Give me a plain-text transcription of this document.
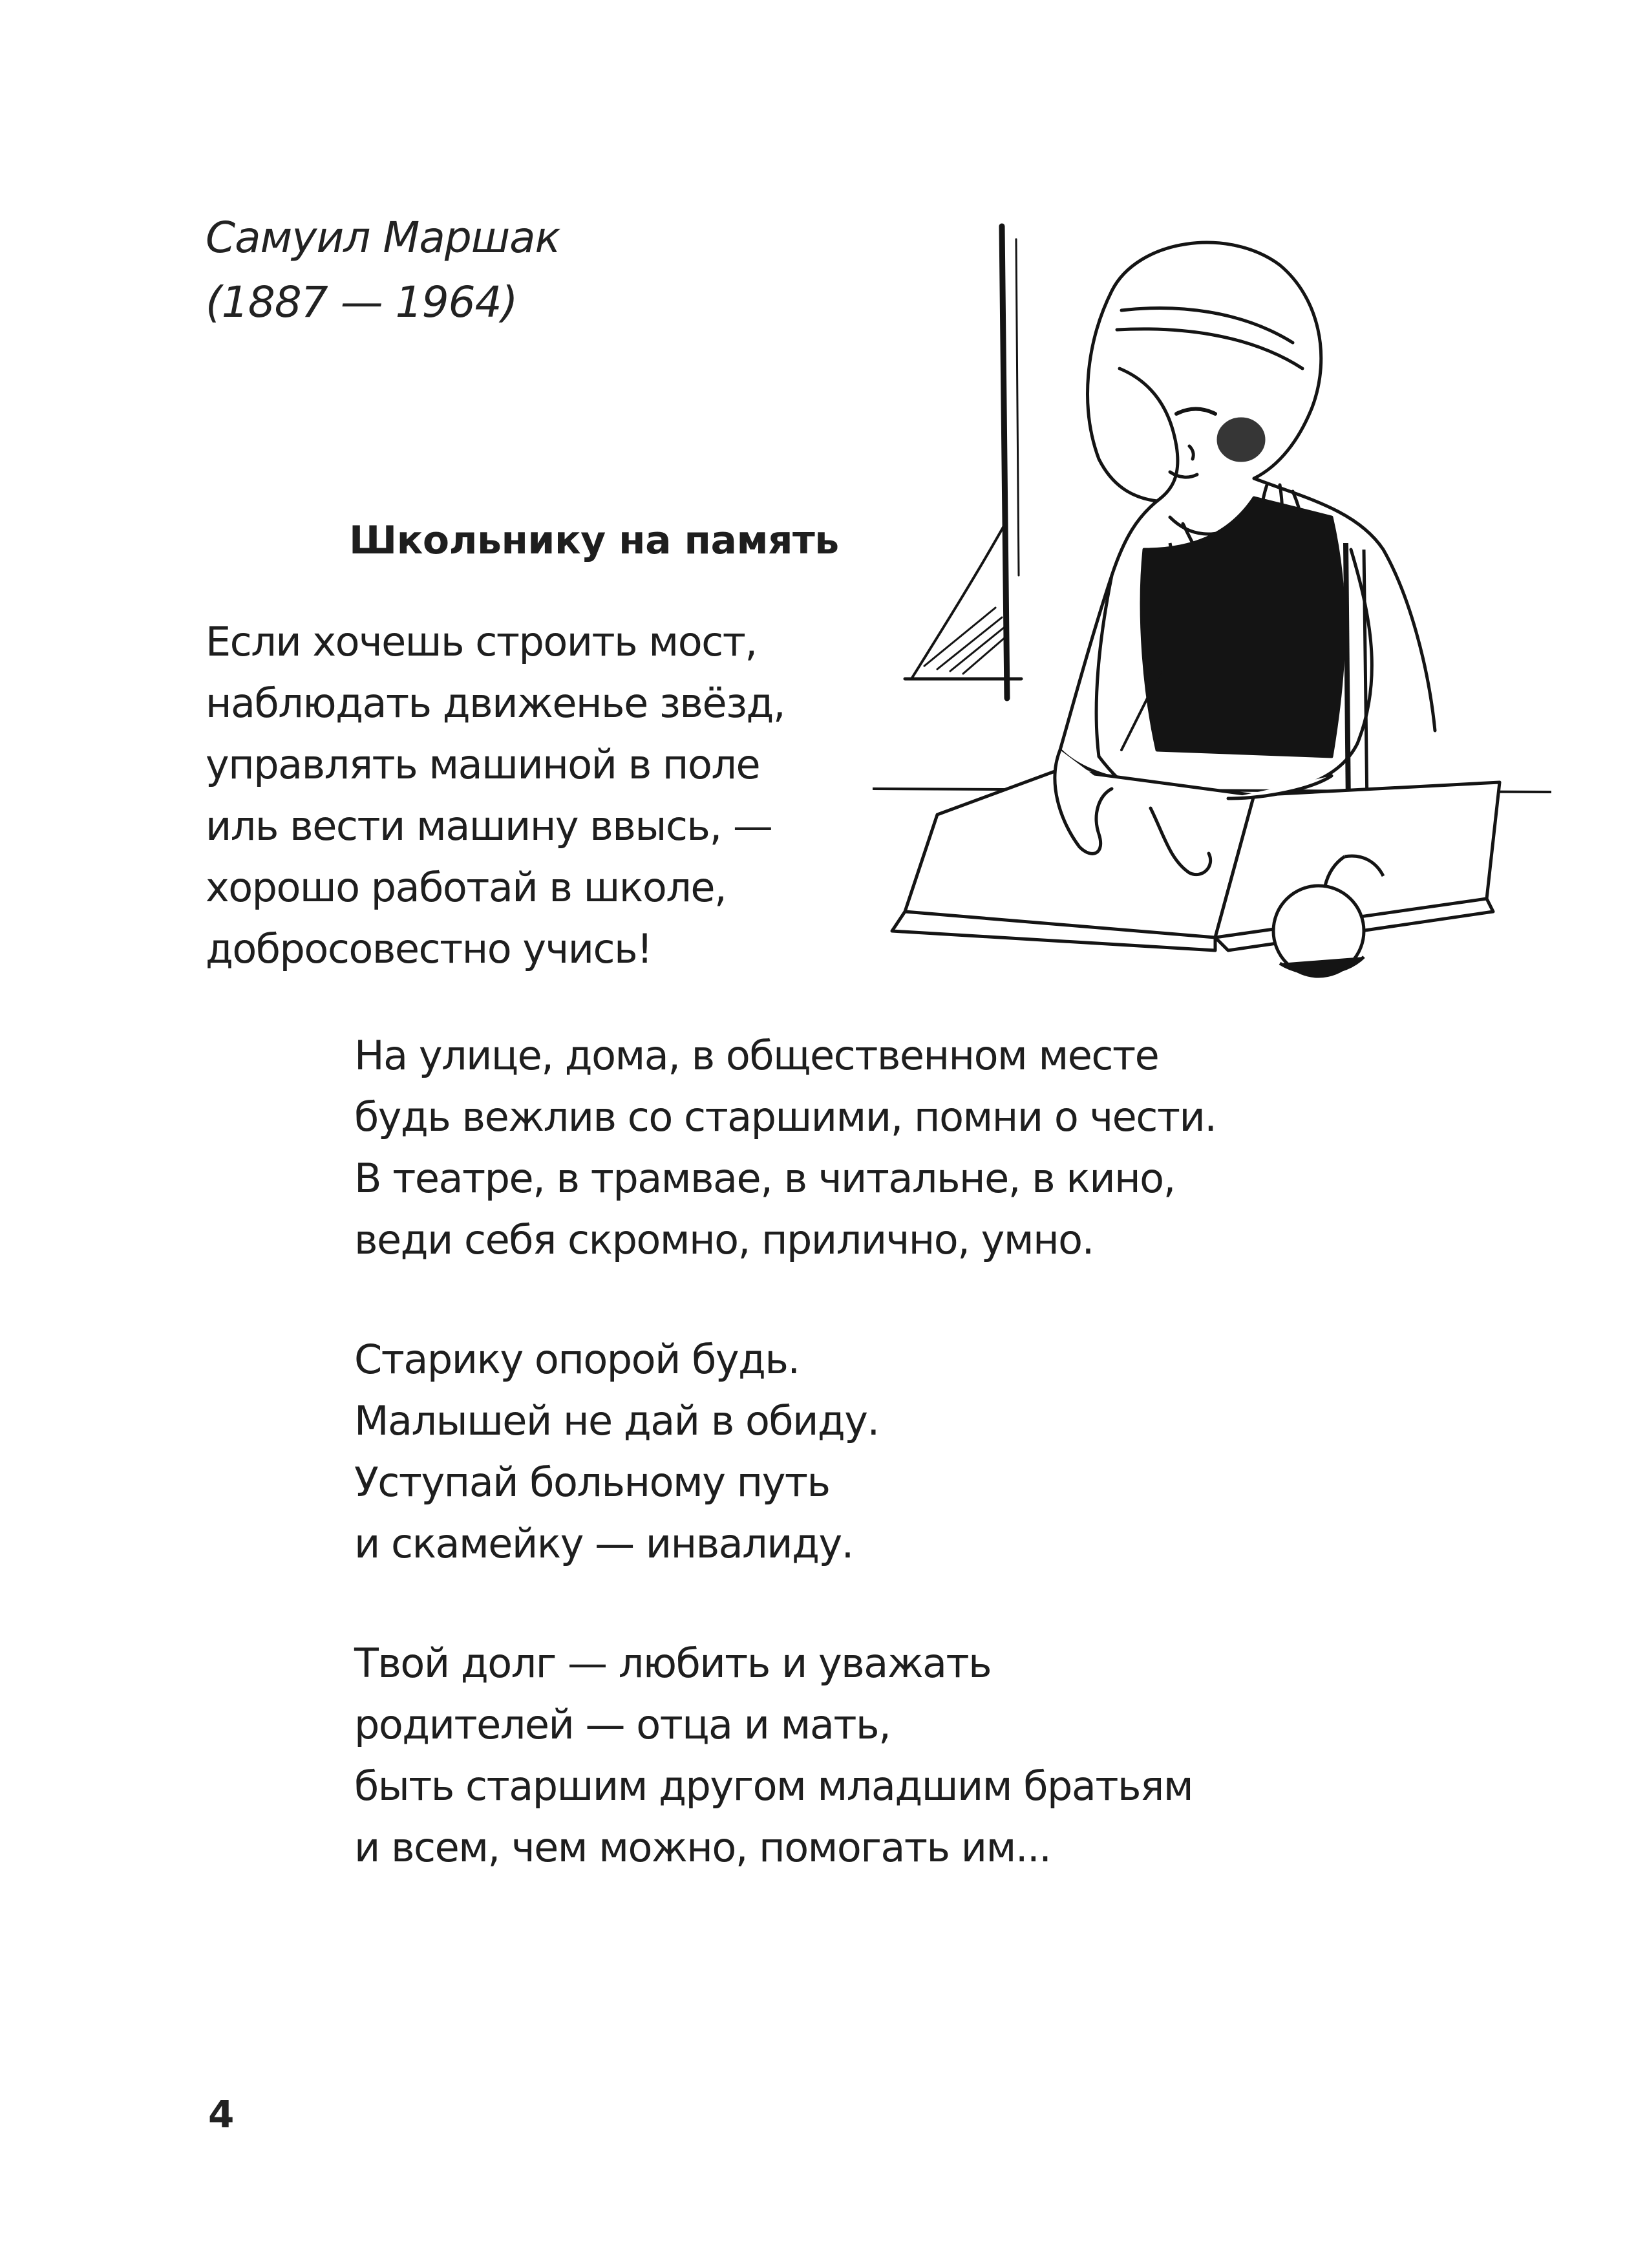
Самуил Маршак
(1887 — 1964)
Школьнику на память
Если хочешь строить мост,
наблюдать движенье звёзд,
управлять машиной в поле
иль вести машину ввысь, —
хорошо работай в школе,
добросовестно учись!
На улице, дома, в общественном месте
будь вежлив со старшими, помни о чести.
В театре, в трамвае, в читальне, в кино,
веди себя скромно, прилично, умно.
Старику опорой будь.
Малышей не дай в обиду.
Уступай больному путь
и скамейку — инвалиду.
Твой долг — любить и уважать
родителей — отца и мать,
быть старшим другом младшим братьям
и всем, чем можно, помогать им...
4
